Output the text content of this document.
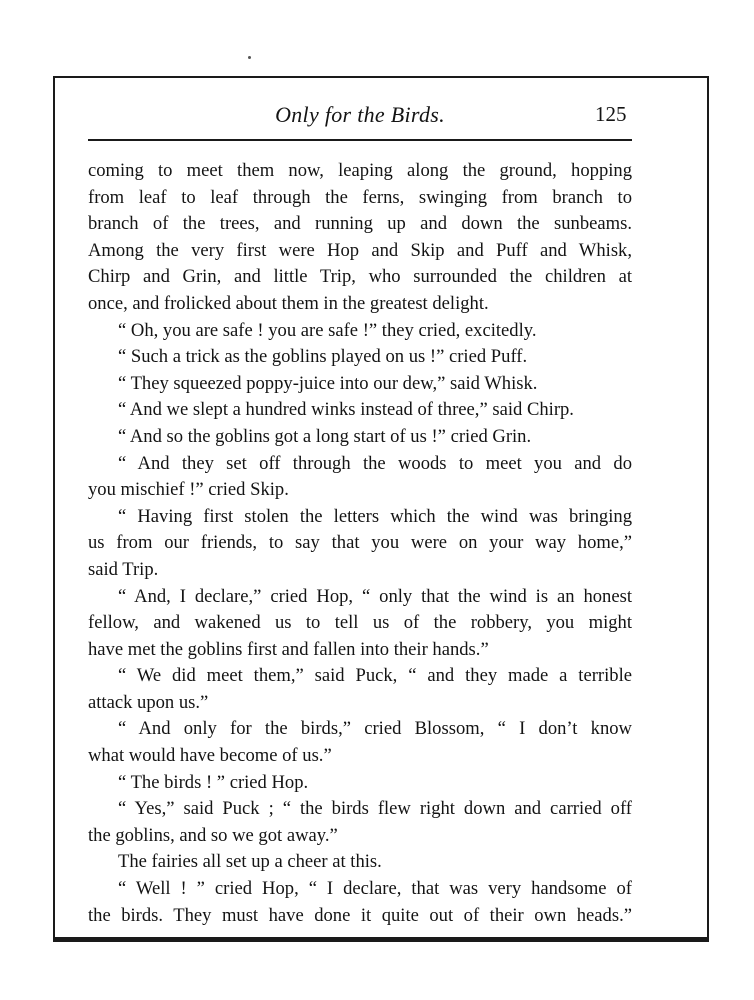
Only for the Birds.	125
coming to meet them now, leaping along the ground, hopping
from leaf to leaf through the ferns, swinging from branch to
branch of the trees, and running up and down the sunbeams.
Among the very first were Hop and Skip and Puff and Whisk,
Chirp and Grin, and little Trip, who surrounded the children at
once, and frolicked about them in the greatest delight.
“ Oh, you are safe ! you are safe !” they cried, excitedly.
“ Such a trick as the goblins played on us !” cried Puff.
“ They squeezed poppy-juice into our dew,” said Whisk.
“ And we slept a hundred winks instead of three,” said Chirp.
“ And so the goblins got a long start of us !” cried Grin.
“ And they set off through the woods to meet you and do
you mischief !” cried Skip.
“ Having first stolen the letters which the wind was bringing
us from our friends, to say that you were on your way home,”
said Trip.
“ And, I declare,” cried Hop, “ only that the wind is an honest
fellow, and wakened us to tell us of the robbery, you might
have met the goblins first and fallen into their hands.”
“ We did meet them,” said Puck, “ and they made a terrible
attack upon us.”
“ And only for the birds,” cried Blossom, “ I don’t know
what would have become of us.”
“ The birds ! ” cried Hop.
“ Yes,” said Puck ; “ the birds flew right down and carried off
the goblins, and so we got away.”
The fairies all set up a cheer at this.
“ Well ! ” cried Hop, “ I declare, that was very handsome of
the birds. They must have done it quite out of their own heads.”
